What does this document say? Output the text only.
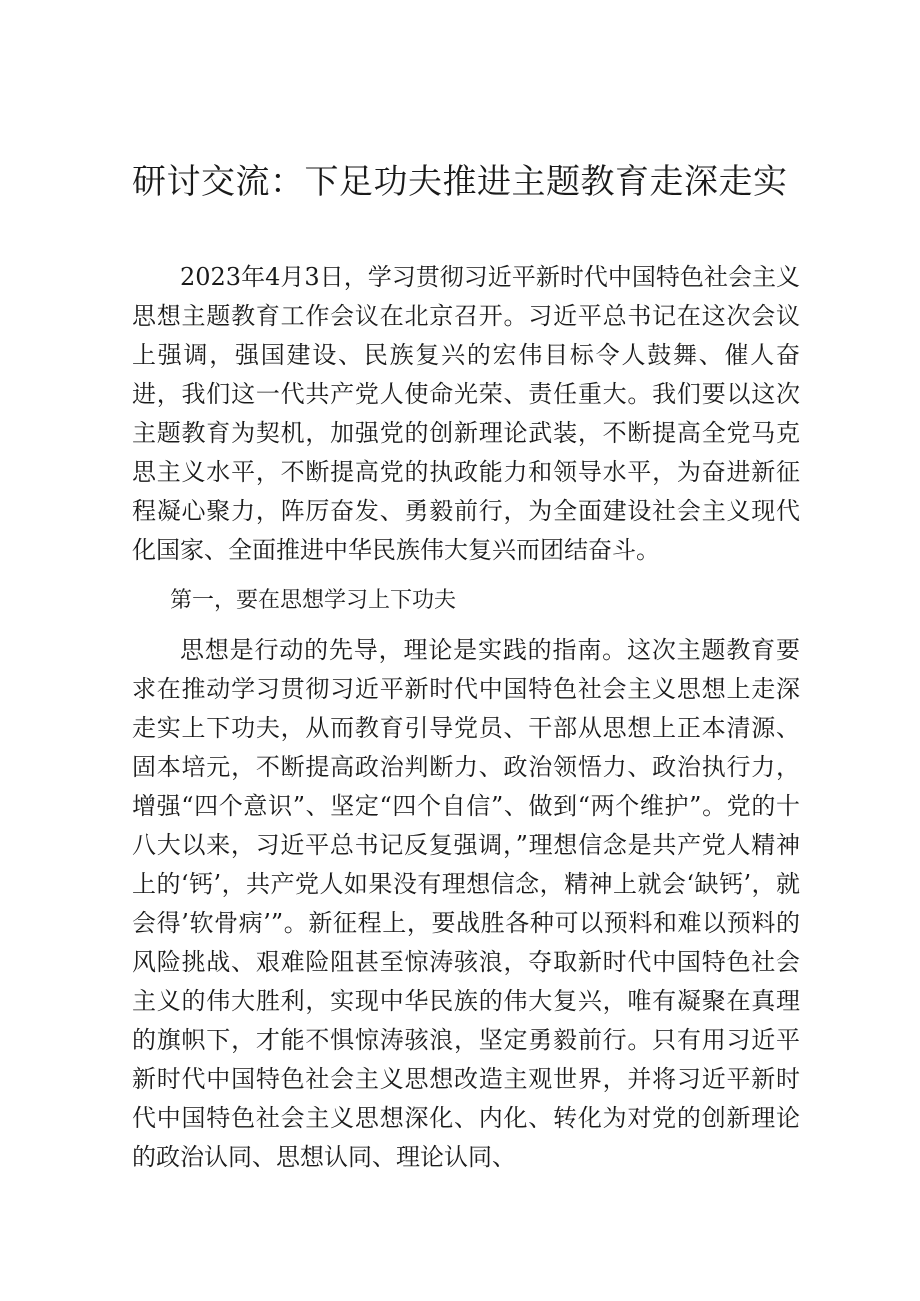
研讨交流：下足功夫推进主题教育走深走实

2023年4月3日，学习贯彻习近平新时代中国特色社会主义思想主题教育工作会议在北京召开。习近平总书记在这次会议上强调，强国建设、民族复兴的宏伟目标令人鼓舞、催人奋进，我们这一代共产党人使命光荣、责任重大。我们要以这次主题教育为契机，加强党的创新理论武装，不断提高全党马克思主义水平，不断提高党的执政能力和领导水平，为奋进新征程凝心聚力，阵厉奋发、勇毅前行，为全面建设社会主义现代化国家、全面推进中华民族伟大复兴而团结奋斗。

第一，要在思想学习上下功夫

思想是行动的先导，理论是实践的指南。这次主题教育要求在推动学习贯彻习近平新时代中国特色社会主义思想上走深走实上下功夫，从而教育引导党员、干部从思想上正本清源、固本培元，不断提高政治判断力、政治领悟力、政治执行力，增强“四个意识”、坚定“四个自信”、做到“两个维护”。党的十八大以来，习近平总书记反复强调，”理想信念是共产党人精神上的‘钙’，共产党人如果没有理想信念，精神上就会‘缺钙’，就会得’软骨病’”。新征程上，要战胜各种可以预料和难以预料的风险挑战、艰难险阻甚至惊涛骇浪，夺取新时代中国特色社会主义的伟大胜利，实现中华民族的伟大复兴，唯有凝聚在真理的旗帜下，才能不惧惊涛骇浪，坚定勇毅前行。只有用习近平新时代中国特色社会主义思想改造主观世界，并将习近平新时代中国特色社会主义思想深化、内化、转化为对党的创新理论的政治认同、思想认同、理论认同、
